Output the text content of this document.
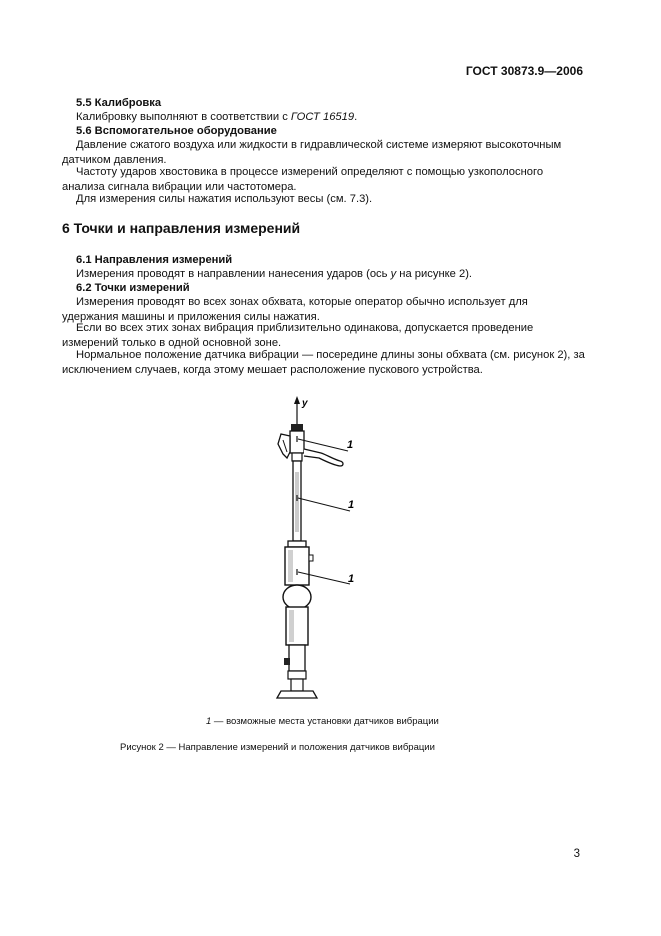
ГОСТ 30873.9—2006

5.5 Калибровка

Калибровку выполняют в соответствии с ГОСТ 16519.

5.6 Вспомогательное оборудование

Давление сжатого воздуха или жидкости в гидравлической системе измеряют высокоточным датчиком давления.

Частоту ударов хвостовика в процессе измерений определяют с помощью узкополосного анализа сигнала вибрации или частотомера.

Для измерения силы нажатия используют весы (см. 7.3).

6 Точки и направления измерений

6.1 Направления измерений

Измерения проводят в направлении нанесения ударов (ось y на рисунке 2).

6.2 Точки измерений

Измерения проводят во всех зонах обхвата, которые оператор обычно использует для удержания машины и приложения силы нажатия.

Если во всех этих зонах вибрация приблизительно одинакова, допускается проведение измерений только в одной основной зоне.

Нормальное положение датчика вибрации — посередине длины зоны обхвата (см. рисунок 2), за исключением случаев, когда этому мешает расположение пускового устройства.

y
1
1
1
1 — возможные места установки датчиков вибрации
Рисунок 2 — Направление измерений и положения датчиков вибрации
3
